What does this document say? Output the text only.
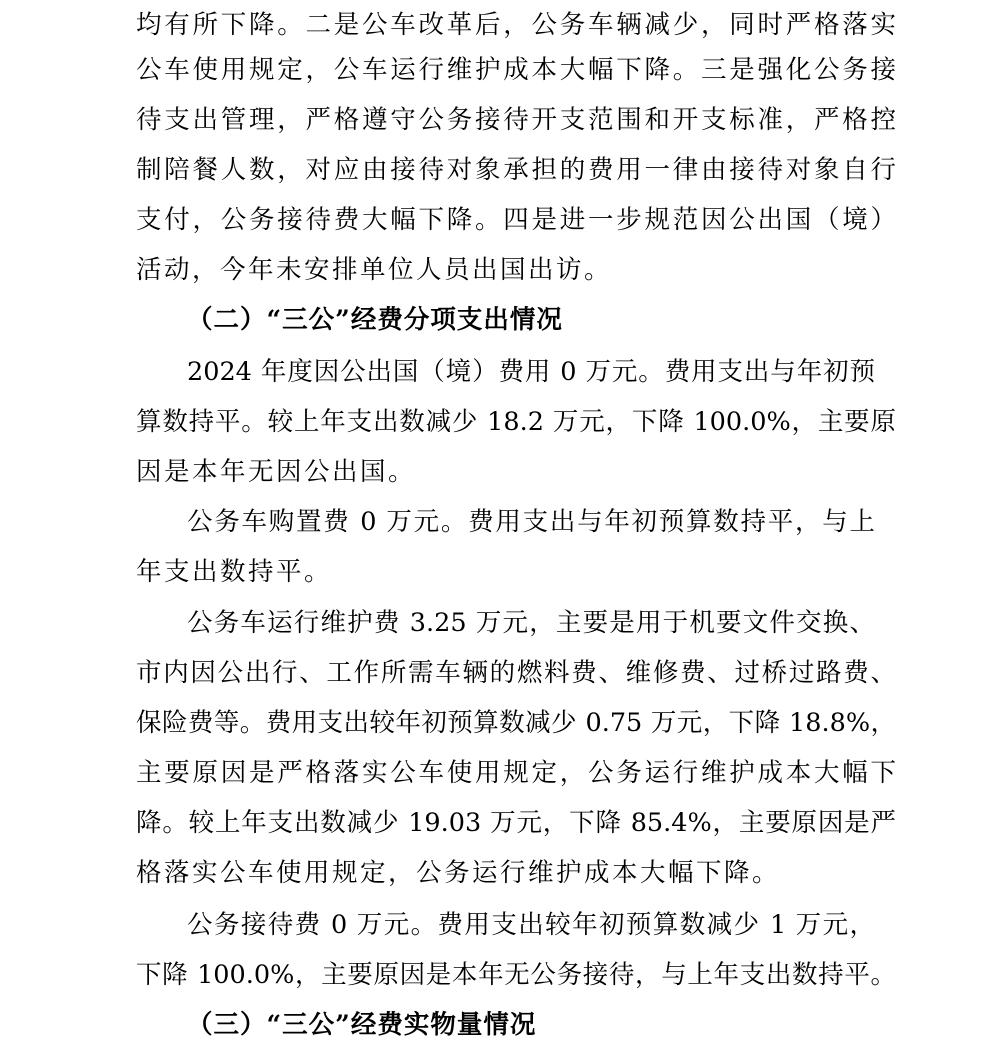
均有所下降。二是公车改革后，公务车辆减少，同时严格落实
公车使用规定，公车运行维护成本大幅下降。三是强化公务接
待支出管理，严格遵守公务接待开支范围和开支标准，严格控
制陪餐人数，对应由接待对象承担的费用一律由接待对象自行
支付，公务接待费大幅下降。四是进一步规范因公出国（境）
活动，今年未安排单位人员出国出访。
（二）“三公”经费分项支出情况
2024 年度因公出国（境）费用 0 万元。费用支出与年初预
算数持平。较上年支出数减少 18.2 万元，下降 100.0%，主要原
因是本年无因公出国。
公务车购置费 0 万元。费用支出与年初预算数持平，与上
年支出数持平。
公务车运行维护费 3.25 万元，主要是用于机要文件交换、
市内因公出行、工作所需车辆的燃料费、维修费、过桥过路费、
保险费等。费用支出较年初预算数减少 0.75 万元，下降 18.8%，
主要原因是严格落实公车使用规定，公务运行维护成本大幅下
降。较上年支出数减少 19.03 万元，下降 85.4%，主要原因是严
格落实公车使用规定，公务运行维护成本大幅下降。
公务接待费 0 万元。费用支出较年初预算数减少 1 万元，
下降 100.0%，主要原因是本年无公务接待，与上年支出数持平。
（三）“三公”经费实物量情况
